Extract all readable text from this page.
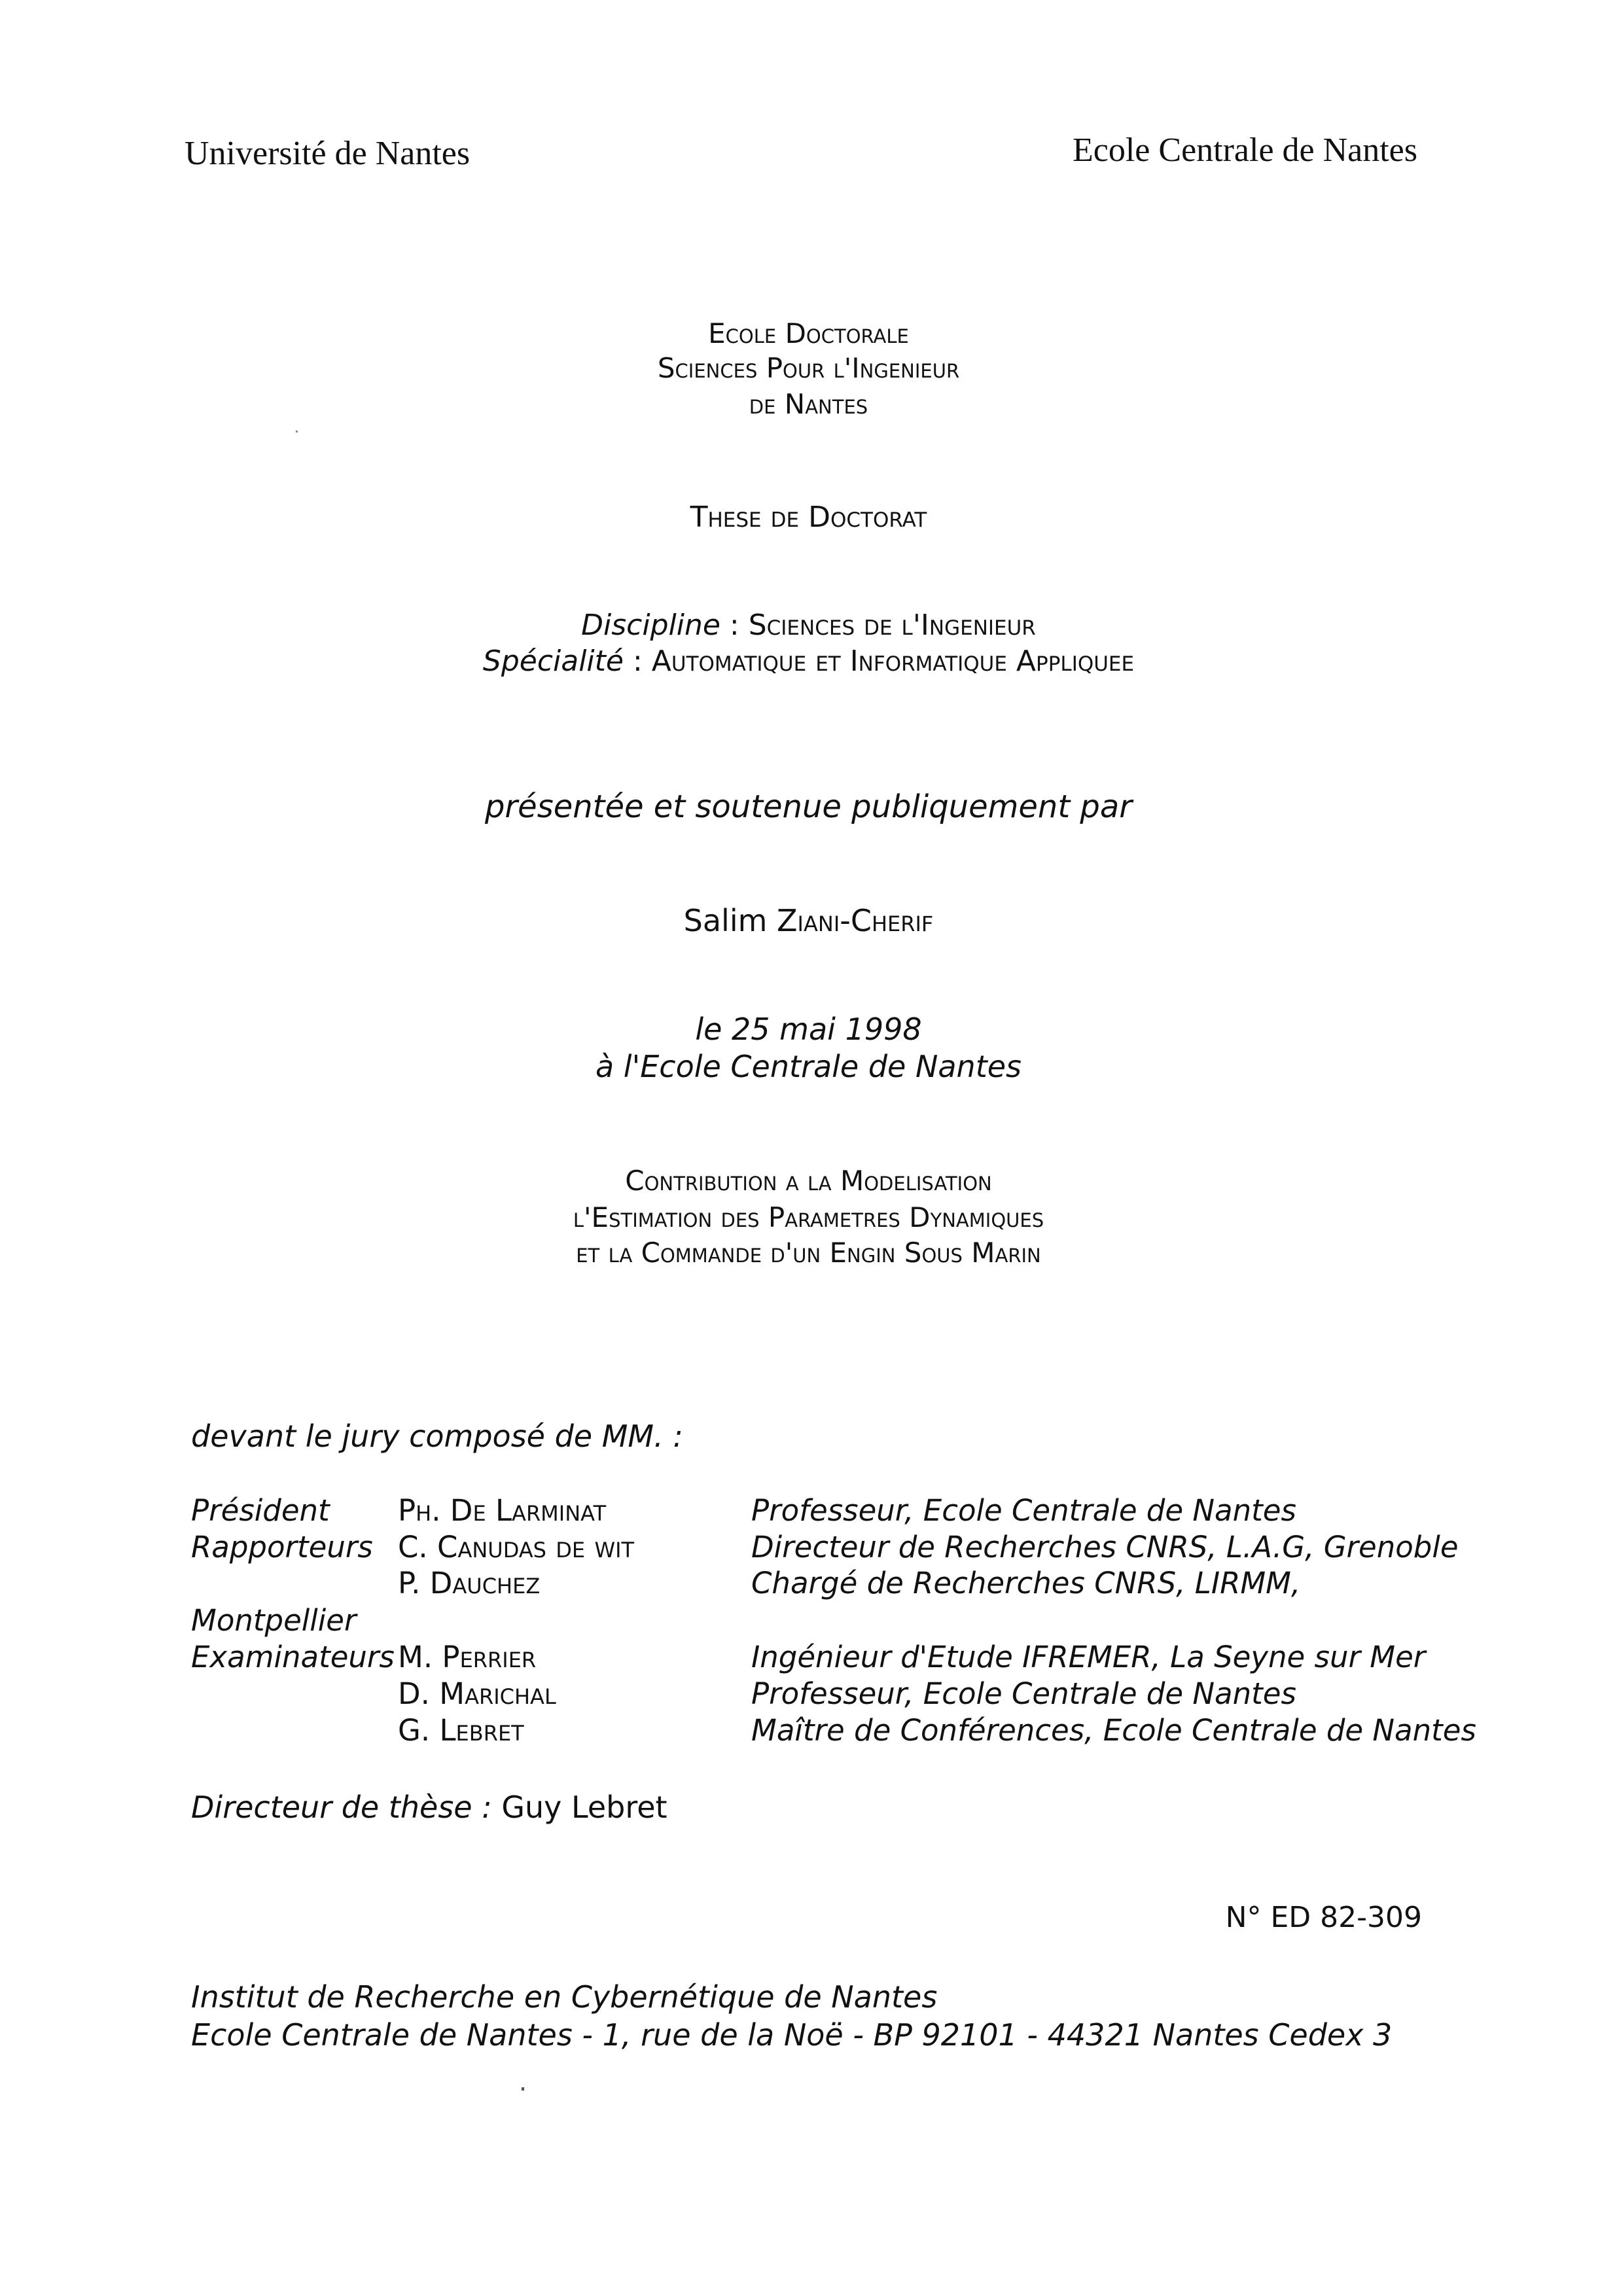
Université de Nantes	Ecole Centrale de Nantes

Ecole Doctorale

Sciences Pour l'Ingenieur

de Nantes

These de Doctorat

Discipline : Sciences de l'Ingenieur

Spécialité : Automatique et Informatique Appliquee

présentée et soutenue publiquement par

Salim Ziani-Cherif

le 25 mai 1998

à l'Ecole Centrale de Nantes

Contribution a la Modelisation

l'Estimation des Parametres Dynamiques

et la Commande d'un Engin Sous Marin

devant le jury composé de MM. :

Président Ph. De Larminat	Professeur, Ecole Centrale de Nantes

Rapporteurs C. Canudas de wit	Directeur de Recherches CNRS, L.A.G, Grenoble

P. Dauchez	Chargé de Recherches CNRS, LIRMM,

Montpellier

Examinateurs M. Perrier	Ingénieur d'Etude IFREMER, La Seyne sur Mer

D. Marichal	Professeur, Ecole Centrale de Nantes

G. Lebret	Maître de Conférences, Ecole Centrale de Nantes

Directeur de thèse : Guy Lebret

N° ED 82-309

Institut de Recherche en Cybernétique de Nantes

Ecole Centrale de Nantes - 1, rue de la Noë - BP 92101 - 44321 Nantes Cedex 3
